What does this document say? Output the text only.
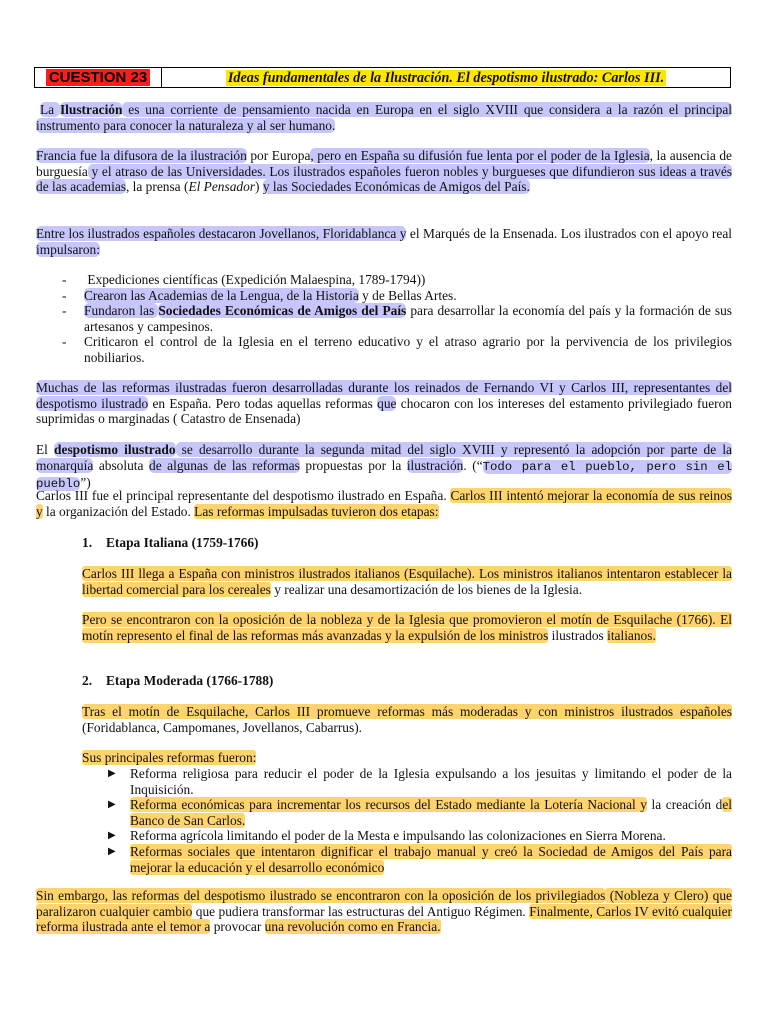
CUESTION 23	Ideas fundamentales de la Ilustración. El despotismo ilustrado: Carlos III.

La Ilustración es una corriente de pensamiento nacida en Europa en el siglo XVIII que considera a la razón el principal instrumento para conocer la naturaleza y al ser humano.

Francia fue la difusora de la ilustración por Europa, pero en España su difusión fue lenta por el poder de la Iglesia, la ausencia de burguesía y el atraso de las Universidades. Los ilustrados españoles fueron nobles y burgueses que difundieron sus ideas a través de las academias, la prensa (El Pensador) y las Sociedades Económicas de Amigos del País.

Entre los ilustrados españoles destacaron Jovellanos, Floridablanca y el Marqués de la Ensenada. Los ilustrados con el apoyo real impulsaron:

- Expediciones científicas (Expedición Malaespina, 1789-1794))
- Crearon las Academias de la Lengua, de la Historia y de Bellas Artes.
- Fundaron las Sociedades Económicas de Amigos del País para desarrollar la economía del país y la formación de sus artesanos y campesinos.
- Criticaron el control de la Iglesia en el terreno educativo y el atraso agrario por la pervivencia de los privilegios nobiliarios.

Muchas de las reformas ilustradas fueron desarrolladas durante los reinados de Fernando VI y Carlos III, representantes del despotismo ilustrado en España. Pero todas aquellas reformas que chocaron con los intereses del estamento privilegiado fueron suprimidas o marginadas ( Catastro de Ensenada)

El despotismo ilustrado se desarrollo durante la segunda mitad del siglo XVIII y representó la adopción por parte de la monarquía absoluta de algunas de las reformas propuestas por la ilustración. (“Todo para el pueblo, pero sin el pueblo”)

Carlos III fue el principal representante del despotismo ilustrado en España. Carlos III intentó mejorar la economía de sus reinos y la organización del Estado. Las reformas impulsadas tuvieron dos etapas:

1. Etapa Italiana (1759-1766)

Carlos III llega a España con ministros ilustrados italianos (Esquilache). Los ministros italianos intentaron establecer la libertad comercial para los cereales y realizar una desamortización de los bienes de la Iglesia.

Pero se encontraron con la oposición de la nobleza y de la Iglesia que promovieron el motín de Esquilache (1766). El motín represento el final de las reformas más avanzadas y la expulsión de los ministros ilustrados italianos.

2. Etapa Moderada (1766-1788)

Tras el motín de Esquilache, Carlos III promueve reformas más moderadas y con ministros ilustrados españoles (Foridablanca, Campomanes, Jovellanos, Cabarrus).

Sus principales reformas fueron:

▶ Reforma religiosa para reducir el poder de la Iglesia expulsando a los jesuitas y limitando el poder de la Inquisición.
▶ Reforma económicas para incrementar los recursos del Estado mediante la Lotería Nacional y la creación del Banco de San Carlos.
▶ Reforma agrícola limitando el poder de la Mesta e impulsando las colonizaciones en Sierra Morena.
▶ Reformas sociales que intentaron dignificar el trabajo manual y creó la Sociedad de Amigos del País para mejorar la educación y el desarrollo económico

Sin embargo, las reformas del despotismo ilustrado se encontraron con la oposición de los privilegiados (Nobleza y Clero) que paralizaron cualquier cambio que pudiera transformar las estructuras del Antiguo Régimen. Finalmente, Carlos IV evitó cualquier reforma ilustrada ante el temor a provocar una revolución como en Francia.
